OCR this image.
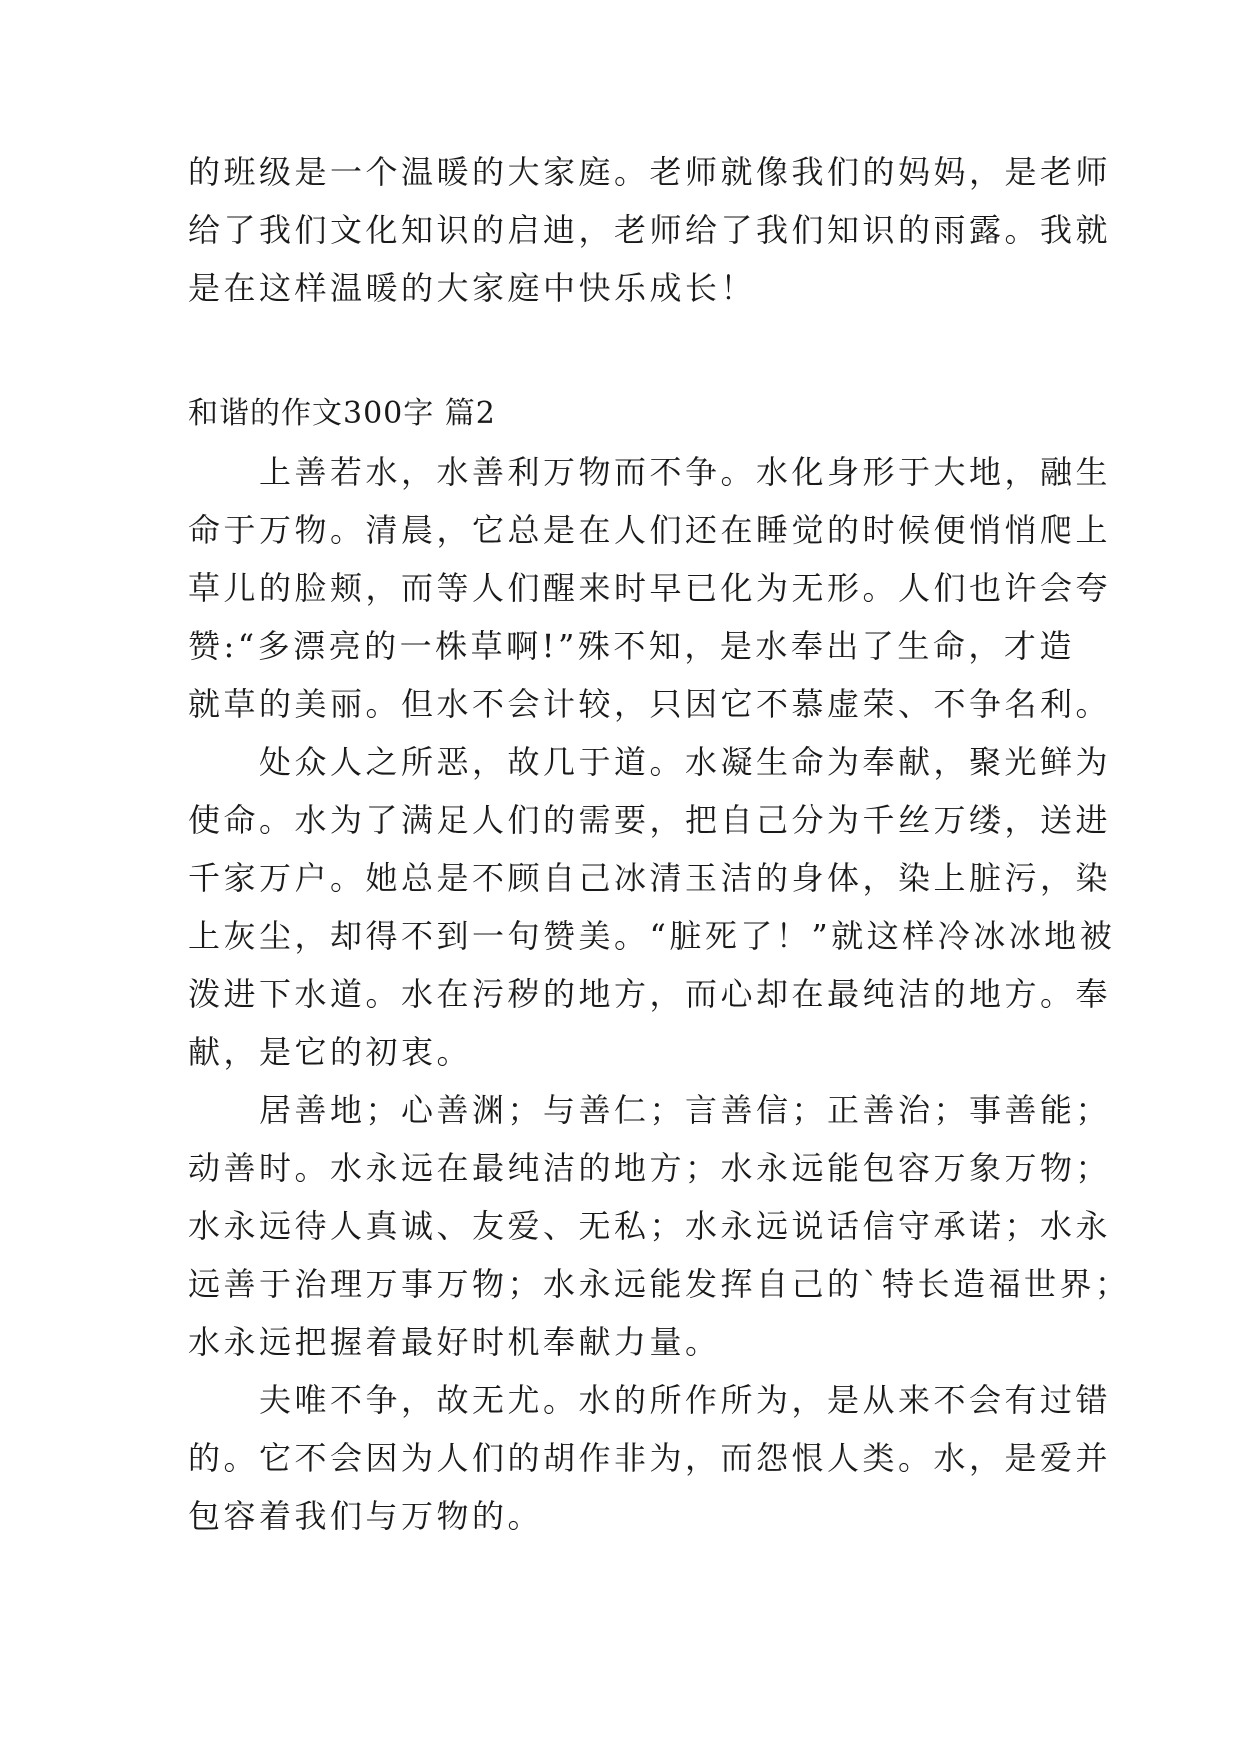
的班级是一个温暖的大家庭。老师就像我们的妈妈，是老师
给了我们文化知识的启迪，老师给了我们知识的雨露。我就
是在这样温暖的大家庭中快乐成长！
和谐的作文300字 篇2
　　上善若水，水善利万物而不争。水化身形于大地，融生
命于万物。清晨，它总是在人们还在睡觉的时候便悄悄爬上
草儿的脸颊，而等人们醒来时早已化为无形。人们也许会夸
赞:“多漂亮的一株草啊!”殊不知，是水奉出了生命，才造
就草的美丽。但水不会计较，只因它不慕虚荣、不争名利。
　　处众人之所恶，故几于道。水凝生命为奉献，聚光鲜为
使命。水为了满足人们的需要，把自己分为千丝万缕，送进
千家万户。她总是不顾自己冰清玉洁的身体，染上脏污，染
上灰尘，却得不到一句赞美。“脏死了！”就这样冷冰冰地被
泼进下水道。水在污秽的地方，而心却在最纯洁的地方。奉
献，是它的初衷。
　　居善地；心善渊；与善仁；言善信；正善治；事善能；
动善时。水永远在最纯洁的地方；水永远能包容万象万物；
水永远待人真诚、友爱、无私；水永远说话信守承诺；水永
远善于治理万事万物；水永远能发挥自己的`特长造福世界；
水永远把握着最好时机奉献力量。
　　夫唯不争，故无尤。水的所作所为，是从来不会有过错
的。它不会因为人们的胡作非为，而怨恨人类。水，是爱并
包容着我们与万物的。
